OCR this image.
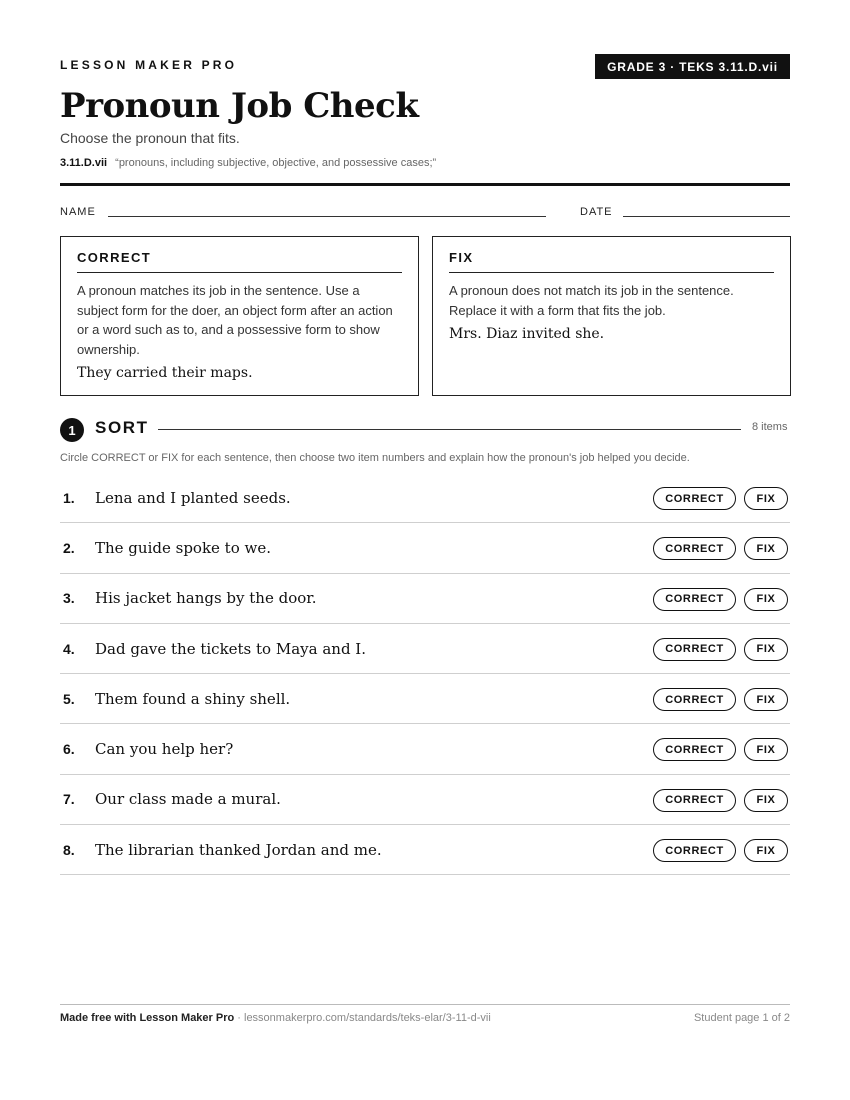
LESSON MAKER PRO	GRADE 3 · TEKS 3.11.D.vii
Pronoun Job Check
Choose the pronoun that fits.
3.11.D.vii “pronouns, including subjective, objective, and possessive cases;”
NAME	DATE
CORRECT
A pronoun matches its job in the sentence. Use a subject form for the doer, an object form after an action or a word such as to, and a possessive form to show ownership.
They carried their maps.
FIX
A pronoun does not match its job in the sentence. Replace it with a form that fits the job.
Mrs. Diaz invited she.
1	SORT	8 items
Circle CORRECT or FIX for each sentence, then choose two item numbers and explain how the pronoun's job helped you decide.
1.	Lena and I planted seeds.	CORRECT	FIX
2.	The guide spoke to we.	CORRECT	FIX
3.	His jacket hangs by the door.	CORRECT	FIX
4.	Dad gave the tickets to Maya and I.	CORRECT	FIX
5.	Them found a shiny shell.	CORRECT	FIX
6.	Can you help her?	CORRECT	FIX
7.	Our class made a mural.	CORRECT	FIX
8.	The librarian thanked Jordan and me.	CORRECT	FIX
Made free with Lesson Maker Pro · lessonmakerpro.com/standards/teks-elar/3-11-d-vii	Student page 1 of 2
